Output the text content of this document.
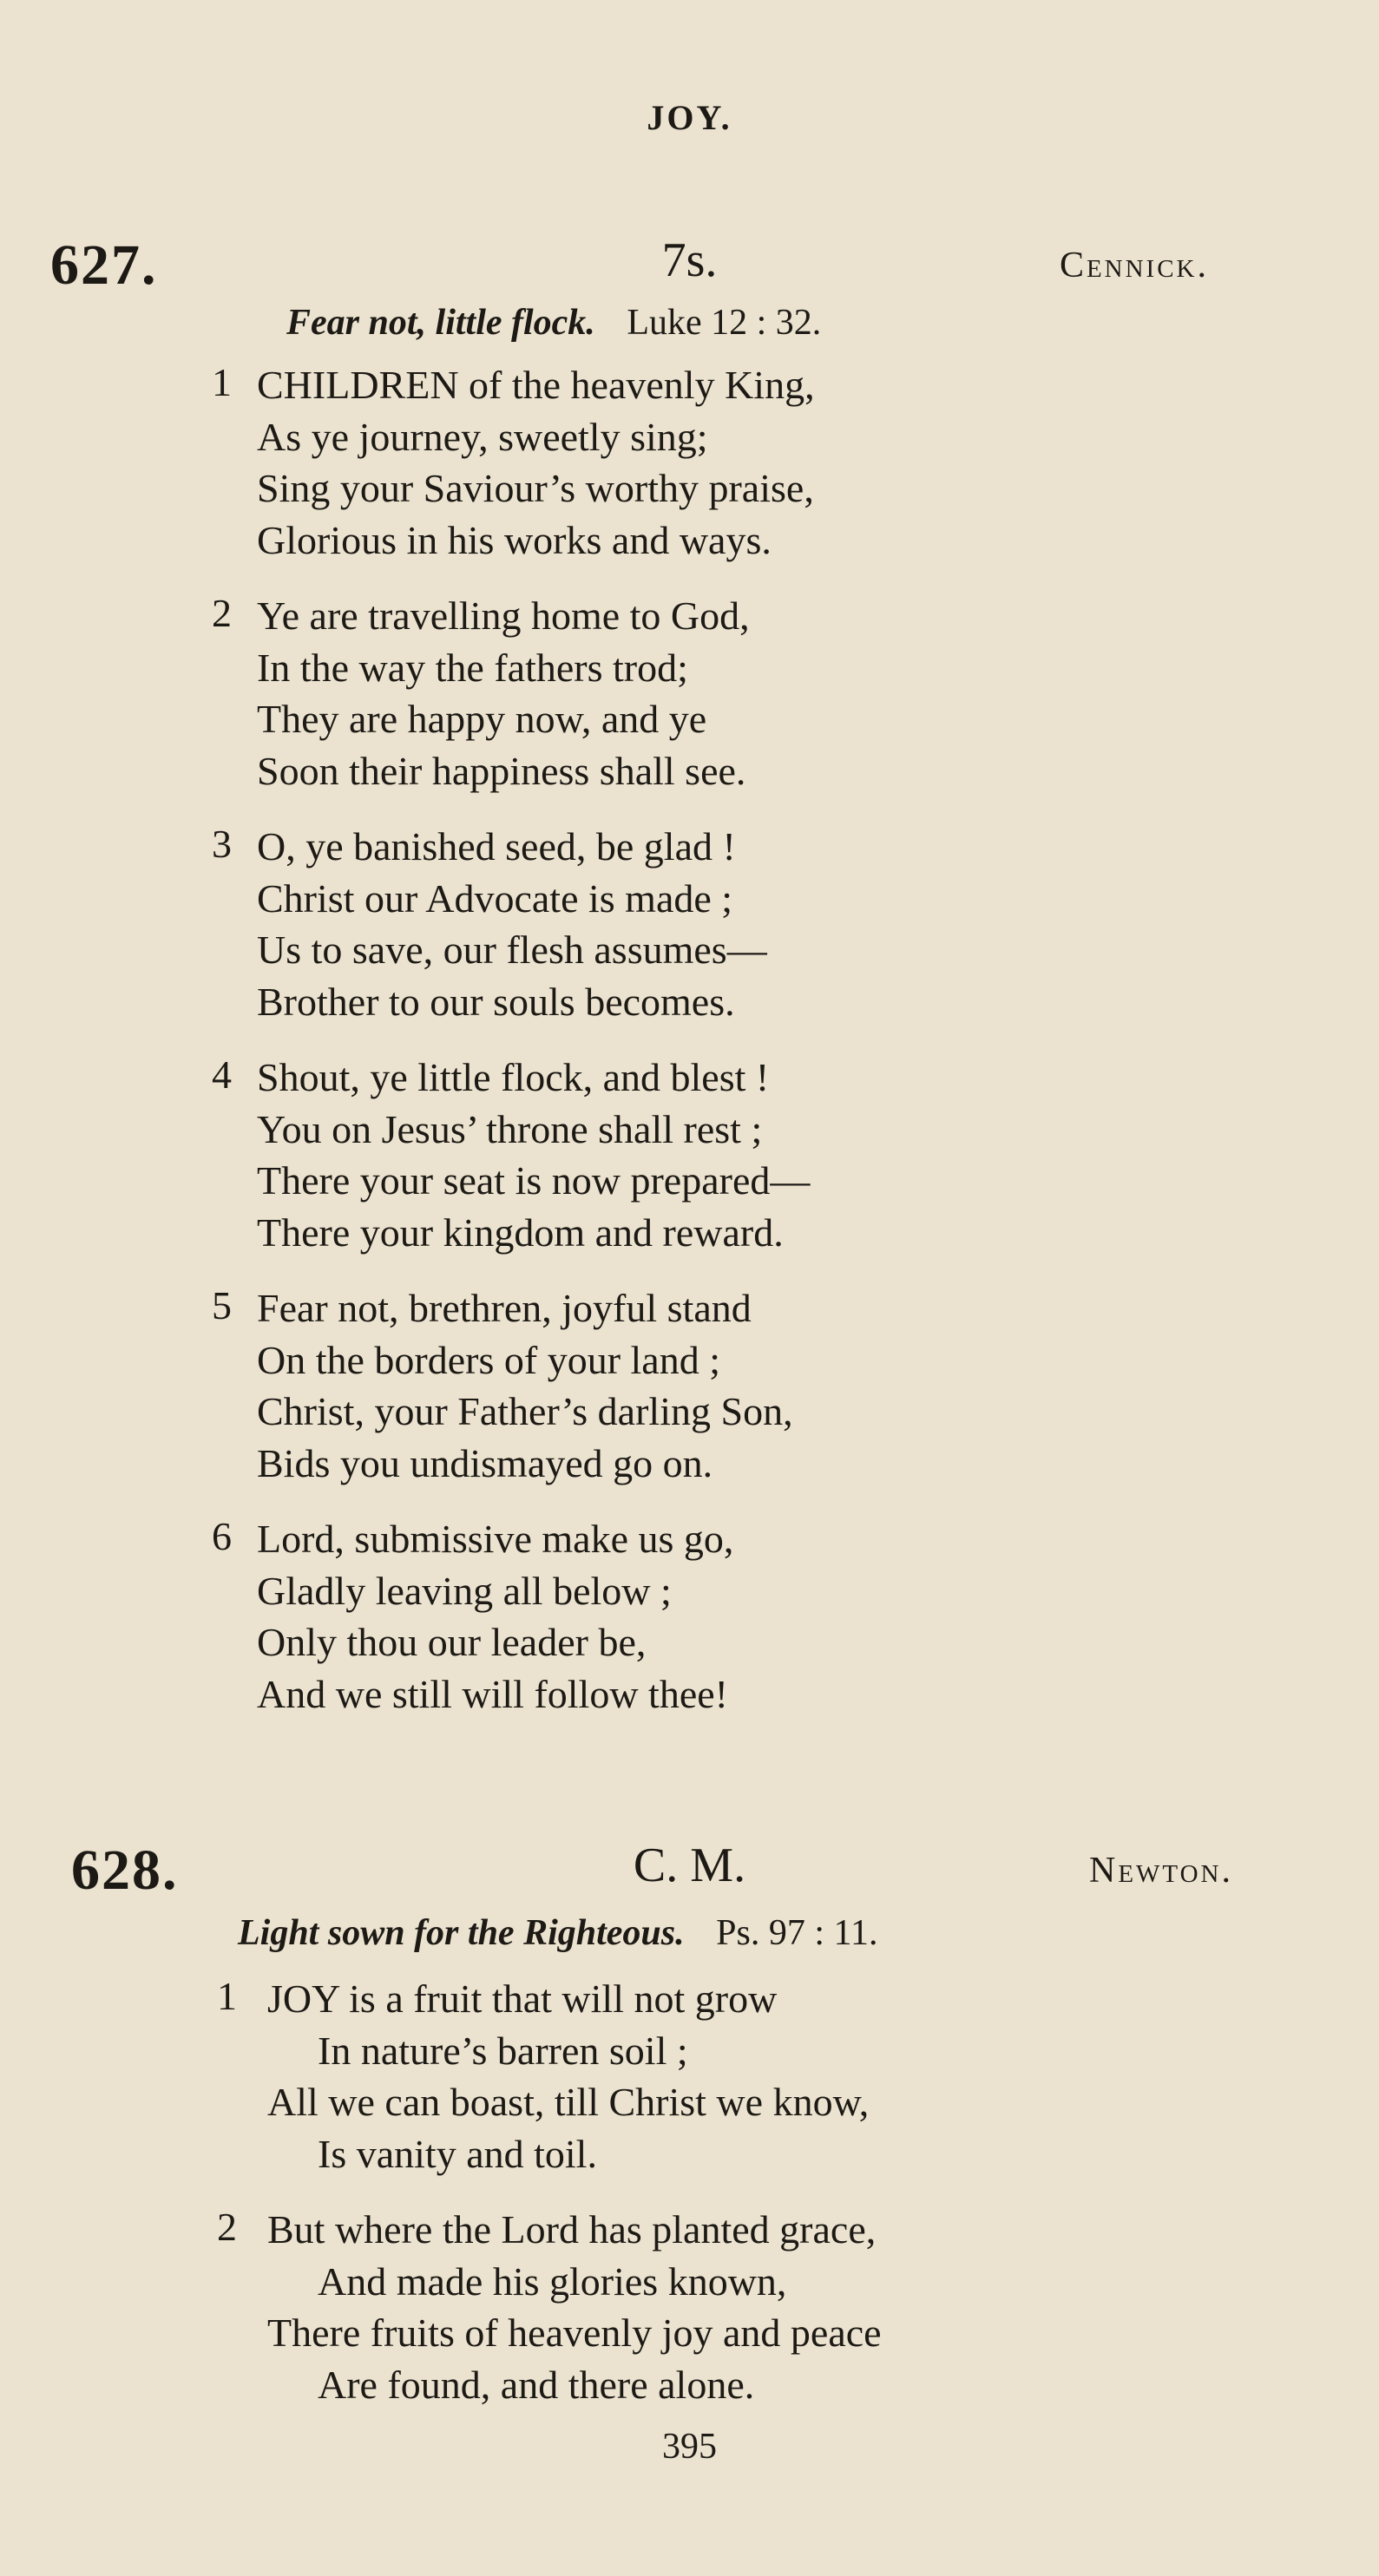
JOY.
627.	7s.	Cennick.
Fear not, little flock. Luke 12 : 32.
1 CHILDREN of the heavenly King,
As ye journey, sweetly sing;
Sing your Saviour’s worthy praise,
Glorious in his works and ways.
2 Ye are travelling home to God,
In the way the fathers trod;
They are happy now, and ye
Soon their happiness shall see.
3 O, ye banished seed, be glad !
Christ our Advocate is made ;
Us to save, our flesh assumes—
Brother to our souls becomes.
4 Shout, ye little flock, and blest !
You on Jesus’ throne shall rest ;
There your seat is now prepared—
There your kingdom and reward.
5 Fear not, brethren, joyful stand
On the borders of your land ;
Christ, your Father’s darling Son,
Bids you undismayed go on.
6 Lord, submissive make us go,
Gladly leaving all below ;
Only thou our leader be,
And we still will follow thee!
628.	C. M.	Newton.
Light sown for the Righteous. Ps. 97 : 11.
1 JOY is a fruit that will not grow
In nature’s barren soil ;
All we can boast, till Christ we know,
Is vanity and toil.
2 But where the Lord has planted grace,
And made his glories known,
There fruits of heavenly joy and peace
Are found, and there alone.
395
